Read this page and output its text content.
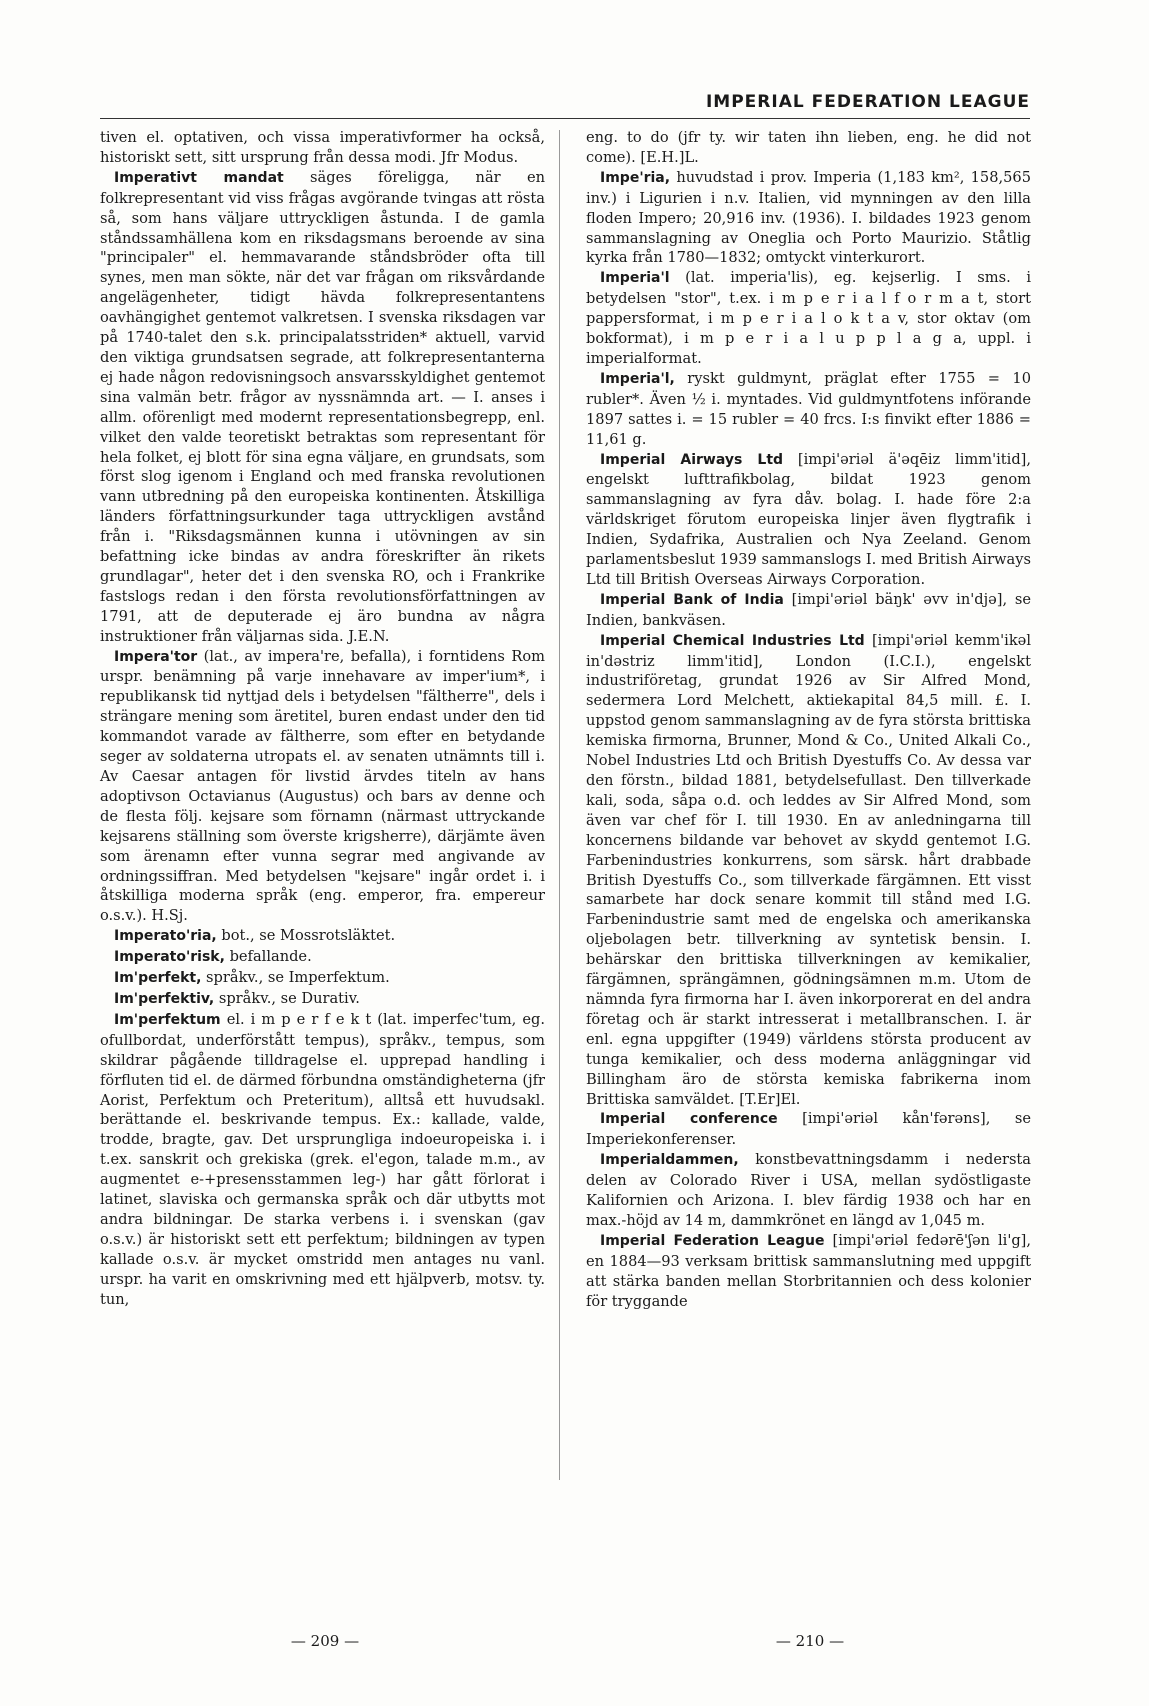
IMPERIAL FEDERATION LEAGUE

tiven el. optativen, och vissa imperativformer ha också, historiskt sett, sitt ursprung från dessa modi. Jfr Modus.

Imperativt mandat säges föreligga, när en folkrepresentant vid viss frågas avgörande tvingas att rösta så, som hans väljare uttryckligen åstunda. I de gamla ståndssamhällena kom en riksdagsmans beroende av sina "principaler" el. hemmavarande ståndsbröder ofta till synes, men man sökte, när det var frågan om riksvårdande angelägenheter, tidigt hävda folkrepresentantens oavhängighet gentemot valkretsen. I svenska riksdagen var på 1740-talet den s.k. principalatsstriden* aktuell, varvid den viktiga grundsatsen segrade, att folkrepresentanterna ej hade någon redovisningsoch ansvarsskyldighet gentemot sina valmän betr. frågor av nyssnämnda art. — I. anses i allm. oförenligt med modernt representationsbegrepp, enl. vilket den valde teoretiskt betraktas som representant för hela folket, ej blott för sina egna väljare, en grundsats, som först slog igenom i England och med franska revolutionen vann utbredning på den europeiska kontinenten. Åtskilliga länders författningsurkunder taga uttryckligen avstånd från i. "Riksdagsmännen kunna i utövningen av sin befattning icke bindas av andra föreskrifter än rikets grundlagar", heter det i den svenska RO, och i Frankrike fastslogs redan i den första revolutionsförfattningen av 1791, att de deputerade ej äro bundna av några instruktioner från väljarnas sida. J.E.N.

Impera'tor (lat., av impera're, befalla), i forntidens Rom urspr. benämning på varje innehavare av imper'ium*, i republikansk tid nyttjad dels i betydelsen "fältherre", dels i strängare mening som äretitel, buren endast under den tid kommandot varade av fältherre, som efter en betydande seger av soldaterna utropats el. av senaten utnämnts till i. Av Caesar antagen för livstid ärvdes titeln av hans adoptivson Octavianus (Augustus) och bars av denne och de flesta följ. kejsare som förnamn (närmast uttryckande kejsarens ställning som överste krigsherre), därjämte även som ärenamn efter vunna segrar med angivande av ordningssiffran. Med betydelsen "kejsare" ingår ordet i. i åtskilliga moderna språk (eng. emperor, fra. empereur o.s.v.). H.Sj.

Imperato'ria, bot., se Mossrotsläktet.

Imperato'risk, befallande.

Im'perfekt, språkv., se Imperfektum.

Im'perfektiv, språkv., se Durativ.

Im'perfektum el. i m p e r f e k t (lat. imperfec'tum, eg. ofullbordat, underförstått tempus), språkv., tempus, som skildrar pågående tilldragelse el. upprepad handling i förfluten tid el. de därmed förbundna omständigheterna (jfr Aorist, Perfektum och Preteritum), alltså ett huvudsakl. berättande el. beskrivande tempus. Ex.: kallade, valde, trodde, bragte, gav. Det ursprungliga indoeuropeiska i. i t.ex. sanskrit och grekiska (grek. el'egon, talade m.m., av augmentet e-+presensstammen leg-) har gått förlorat i latinet, slaviska och germanska språk och där utbytts mot andra bildningar. De starka verbens i. i svenskan (gav o.s.v.) är historiskt sett ett perfektum; bildningen av typen kallade o.s.v. är mycket omstridd men antages nu vanl. urspr. ha varit en omskrivning med ett hjälpverb, motsv. ty. tun,

eng. to do (jfr ty. wir taten ihn lieben, eng. he did not come). [E.H.]L.

Impe'ria, huvudstad i prov. Imperia (1,183 km², 158,565 inv.) i Ligurien i n.v. Italien, vid mynningen av den lilla floden Impero; 20,916 inv. (1936). I. bildades 1923 genom sammanslagning av Oneglia och Porto Maurizio. Ståtlig kyrka från 1780—1832; omtyckt vinterkurort.

Imperia'l (lat. imperia'lis), eg. kejserlig. I sms. i betydelsen "stor", t.ex. i m p e r i a l f o r m a t, stort pappersformat, i m p e r i a l o k t a v, stor oktav (om bokformat), i m p e r i a l u p p l a g a, uppl. i imperialformat.

Imperia'l, ryskt guldmynt, präglat efter 1755 = 10 rubler*. Även ½ i. myntades. Vid guldmyntfotens införande 1897 sattes i. = 15 rubler = 40 frcs. I:s finvikt efter 1886 = 11,61 g.

Imperial Airways Ltd [impi'əriəl ä'əqēiz limm'itid], engelskt lufttrafikbolag, bildat 1923 genom sammanslagning av fyra dåv. bolag. I. hade före 2:a världskriget förutom europeiska linjer även flygtrafik i Indien, Sydafrika, Australien och Nya Zeeland. Genom parlamentsbeslut 1939 sammanslogs I. med British Airways Ltd till British Overseas Airways Corporation.

Imperial Bank of India [impi'əriəl bäŋk' əvv in'djə], se Indien, bankväsen.

Imperial Chemical Industries Ltd [impi'əriəl kemm'ikəl in'dəstriz limm'itid], London (I.C.I.), engelskt industriföretag, grundat 1926 av Sir Alfred Mond, sedermera Lord Melchett, aktiekapital 84,5 mill. £. I. uppstod genom sammanslagning av de fyra största brittiska kemiska firmorna, Brunner, Mond & Co., United Alkali Co., Nobel Industries Ltd och British Dyestuffs Co. Av dessa var den förstn., bildad 1881, betydelsefullast. Den tillverkade kali, soda, såpa o.d. och leddes av Sir Alfred Mond, som även var chef för I. till 1930. En av anledningarna till koncernens bildande var behovet av skydd gentemot I.G. Farbenindustries konkurrens, som särsk. hårt drabbade British Dyestuffs Co., som tillverkade färgämnen. Ett visst samarbete har dock senare kommit till stånd med I.G. Farbenindustrie samt med de engelska och amerikanska oljebolagen betr. tillverkning av syntetisk bensin. I. behärskar den brittiska tillverkningen av kemikalier, färgämnen, sprängämnen, gödningsämnen m.m. Utom de nämnda fyra firmorna har I. även inkorporerat en del andra företag och är starkt intresserat i metallbranschen. I. är enl. egna uppgifter (1949) världens största producent av tunga kemikalier, och dess moderna anläggningar vid Billingham äro de största kemiska fabrikerna inom Brittiska samväldet. [T.Er]El.

Imperial conference [impi'əriəl kån'fərəns], se Imperiekonferenser.

Imperialdammen, konstbevattningsdamm i nedersta delen av Colorado River i USA, mellan sydöstligaste Kalifornien och Arizona. I. blev färdig 1938 och har en max.-höjd av 14 m, dammkrönet en längd av 1,045 m.

Imperial Federation League [impi'əriəl fedərē'ʃən li'g], en 1884—93 verksam brittisk sammanslutning med uppgift att stärka banden mellan Storbritannien och dess kolonier för tryggande

— 209 —	— 210 —
